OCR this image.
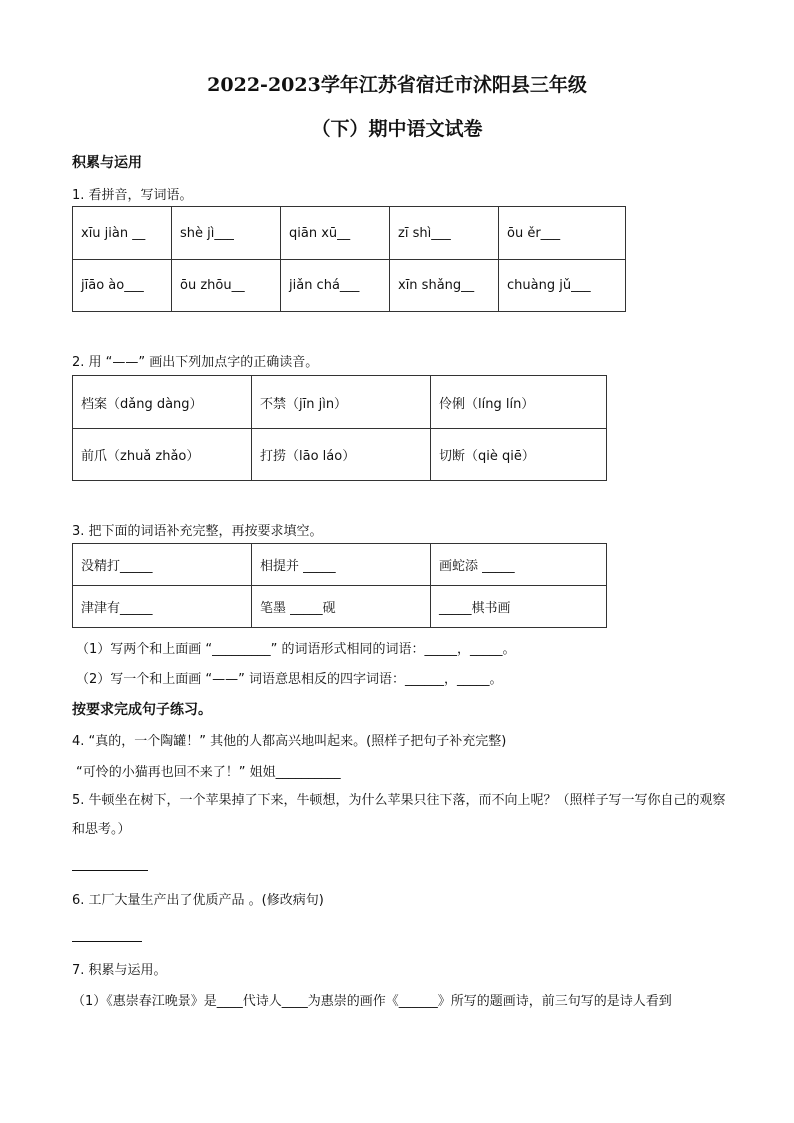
2022-2023学年江苏省宿迁市沭阳县三年级
（下）期中语文试卷
积累与运用
1. 看拼音，写词语。
xīu jiàn __	shè jì___	qiān xū__	zī shì___	ōu ěr___
jīāo ào___	ōu zhōu__	jiǎn chá___	xīn shǎng__	chuàng jǔ___
2. 用 “——” 画出下列加点字的正确读音。
档案（dǎng dàng）	不禁（jīn jìn）	伶俐（líng lín）
前爪（zhuǎ zhǎo）	打捞（lāo láo）	切断（qiè qiē）
3. 把下面的词语补充完整，再按要求填空。
没精打_____	相提并 _____	画蛇添 _____
津津有_____	笔墨 _____砚	_____棋书画
（1）写两个和上面画 “_________” 的词语形式相同的词语：_____，_____。
（2）写一个和上面画 “——” 词语意思相反的四字词语：______，_____。
按要求完成句子练习。
4. “真的，一个陶罐！” 其他的人都高兴地叫起来。(照样子把句子补充完整)
“可怜的小猫再也回不来了！” 姐姐__________
5. 牛顿坐在树下，一个苹果掉了下来，牛顿想，为什么苹果只往下落，而不向上呢？（照样子写一写你自己的观察和思考。）
6. 工厂大量生产出了优质产品 。(修改病句)
7. 积累与运用。
（1）《惠崇春江晚景》是____代诗人____为惠崇的画作《______》所写的题画诗，前三句写的是诗人看到
